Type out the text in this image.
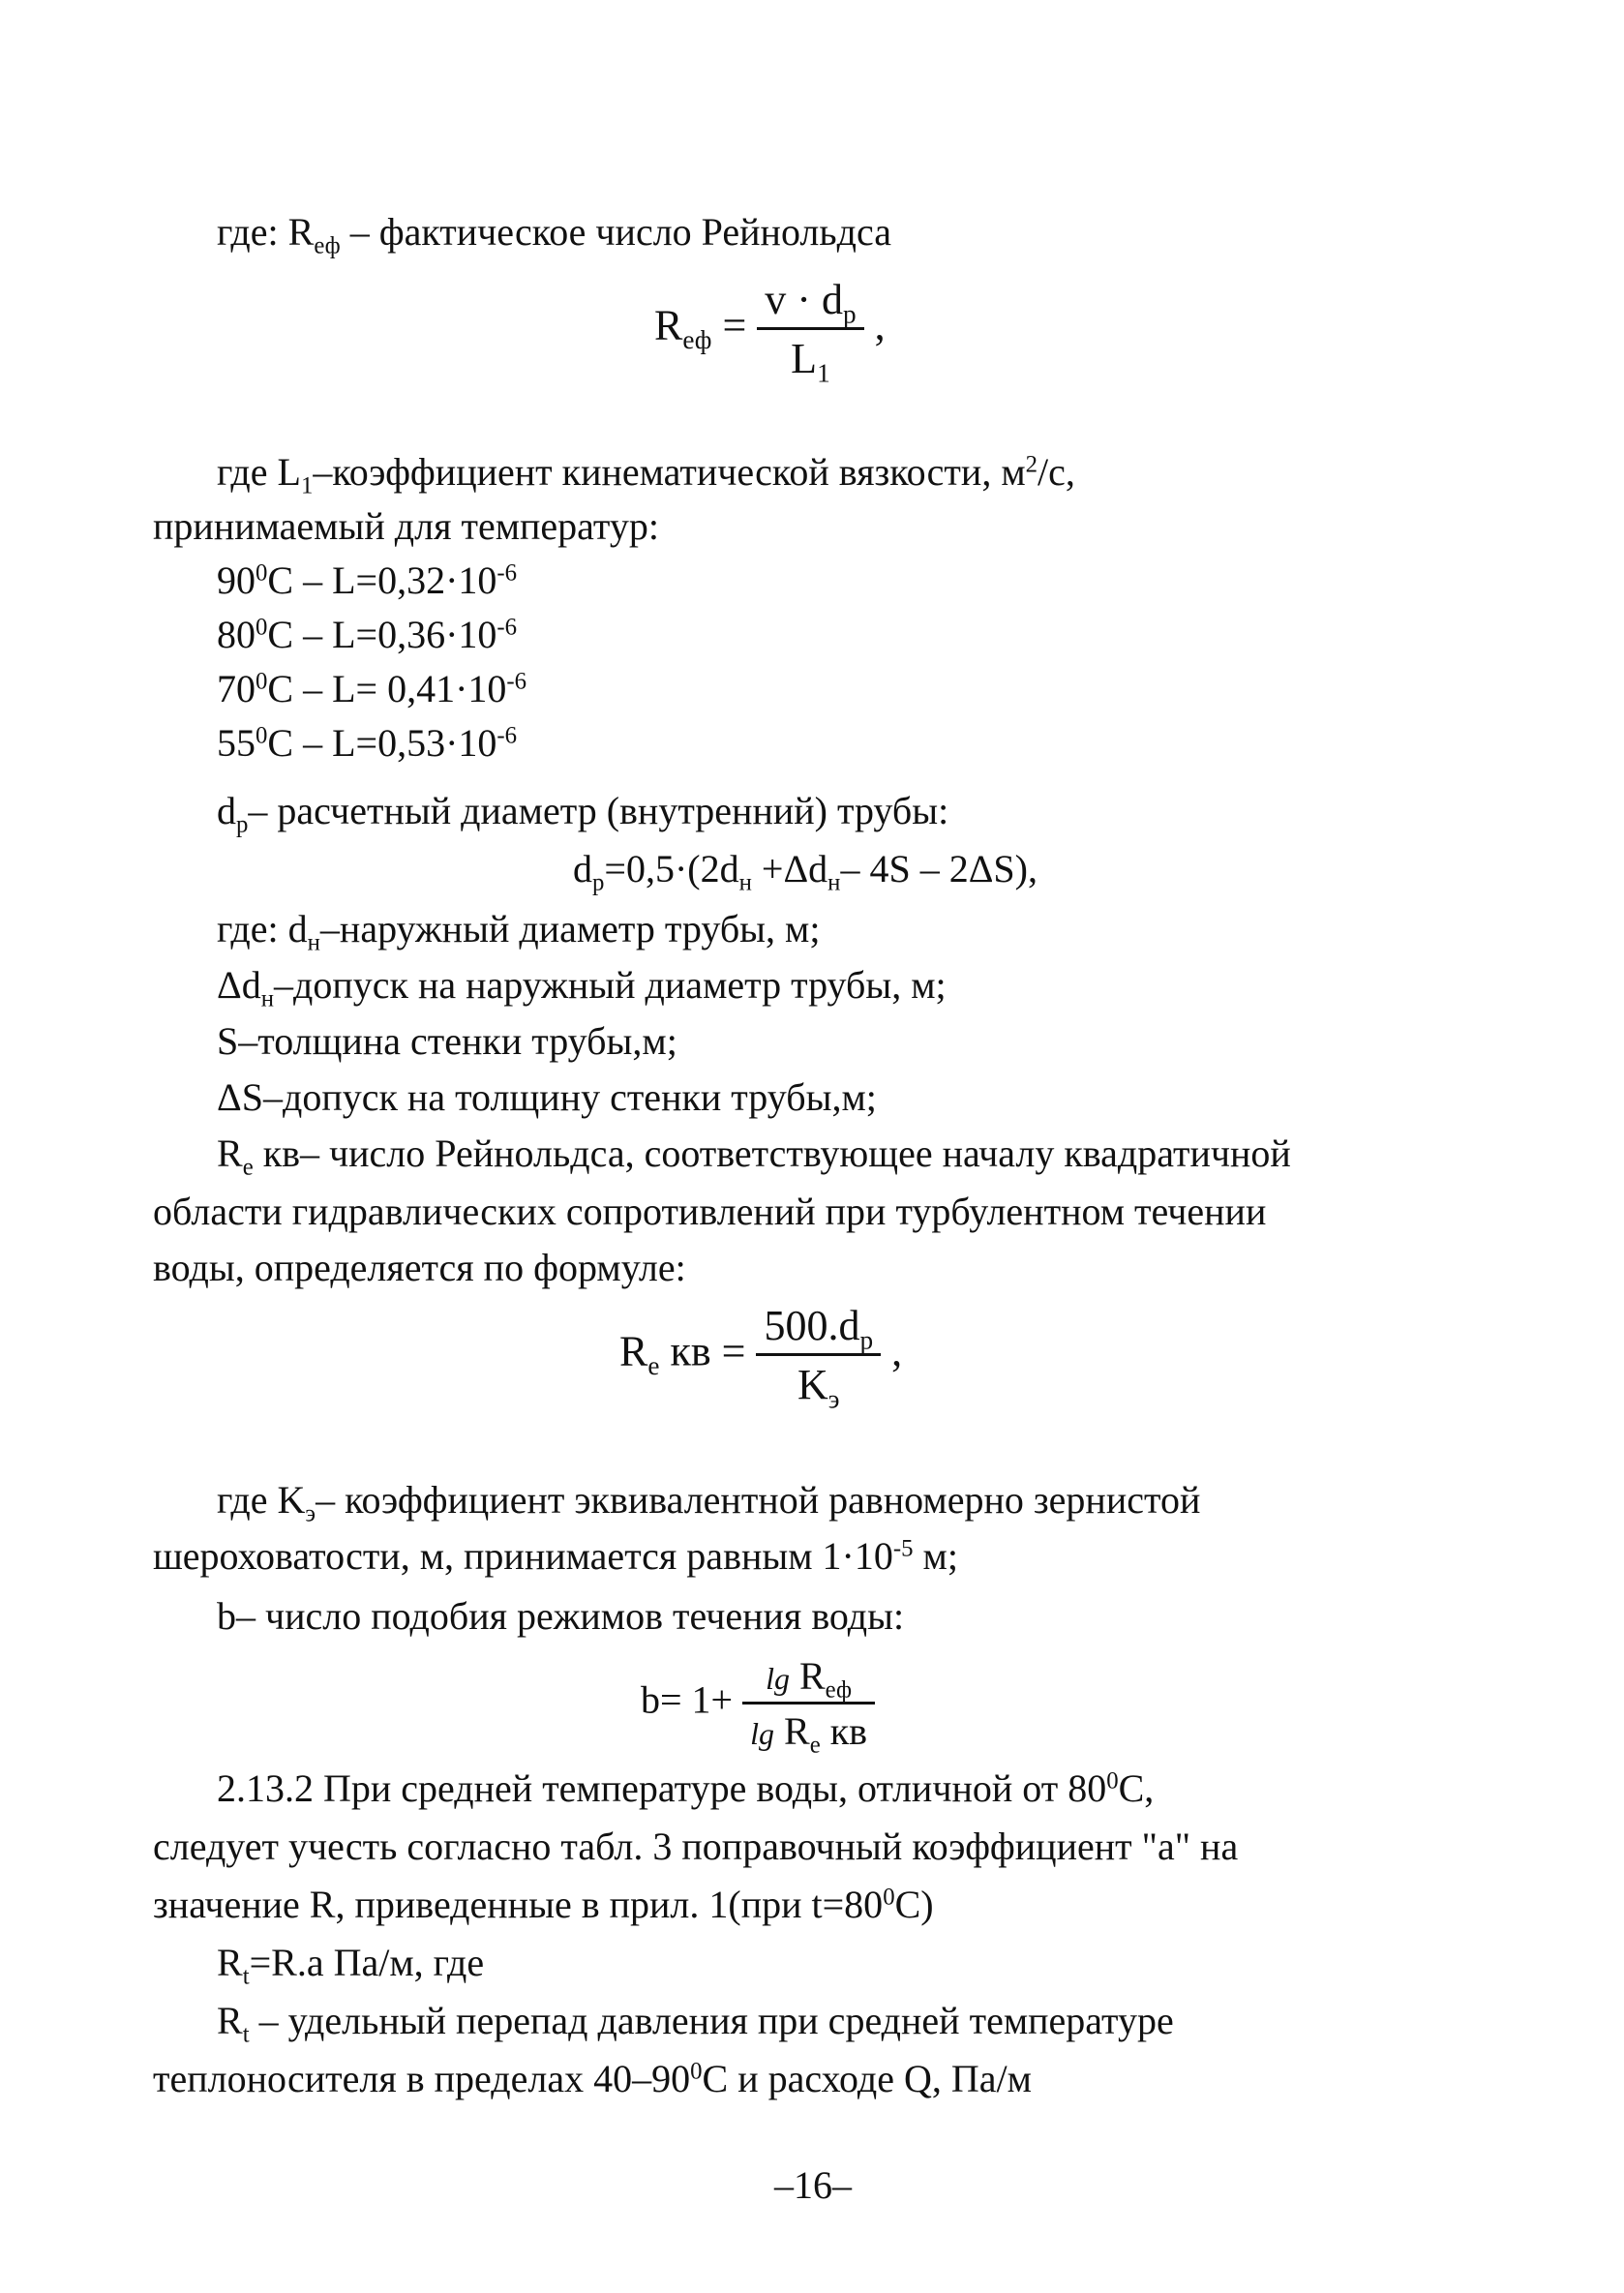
где: $R_{еф}$ – фактическое число Рейнольдса
$R_{еф} = \frac{v \cdot d_р}{L_1}$ ,
где $L_1$–коэффициент кинематической вязкости, $м^2/с$,
принимаемый для температур:
$90^0С - L=0,32\cdot 10^{-6}$
$80^0С - L=0,36\cdot 10^{-6}$
$70^0С - L= 0,41\cdot 10^{-6}$
$55^0С - L=0,53\cdot 10^{-6}$
$d_р-$ расчетный диаметр (внутренний) трубы:
$d_р=0,5\cdot(2d_н +\Delta d_н-$ 4S – 2ΔS),
где: $d_н$–наружный диаметр трубы, м;
$\Delta d_н$–допуск на наружный диаметр трубы, м;
S–толщина стенки трубы,м;
ΔS–допуск на толщину стенки трубы,м;
$R_е$ кв– число Рейнольдса, соответствующее началу квадратичной
области гидравлических сопротивлений при турбулентном течении
воды, определяется по формуле:
$R_е$ кв = $\frac{500.d_р}{K_э}$ ,
где $K_э-$ коэффициент эквивалентной равномерно зернистой
шероховатости, м, принимается равным $1\cdot 10^{-5}$ м;
b– число подобия режимов течения воды:
$b= 1+ \frac{\lg R_{еф}}{\lg R_е кв}$
2.13.2 При средней температуре воды, отличной от $80^0С$,
следует учесть согласно табл. 3 поправочный коэффициент "а" на
значение R, приведенные в прил. 1(при $t=80^0С$)
$R_t=R.a$ Па/м, где
$R_t$ – удельный перепад давления при средней температуре
теплоносителя в пределах $40-90^0С$ и расходе Q, Па/м
–16–
